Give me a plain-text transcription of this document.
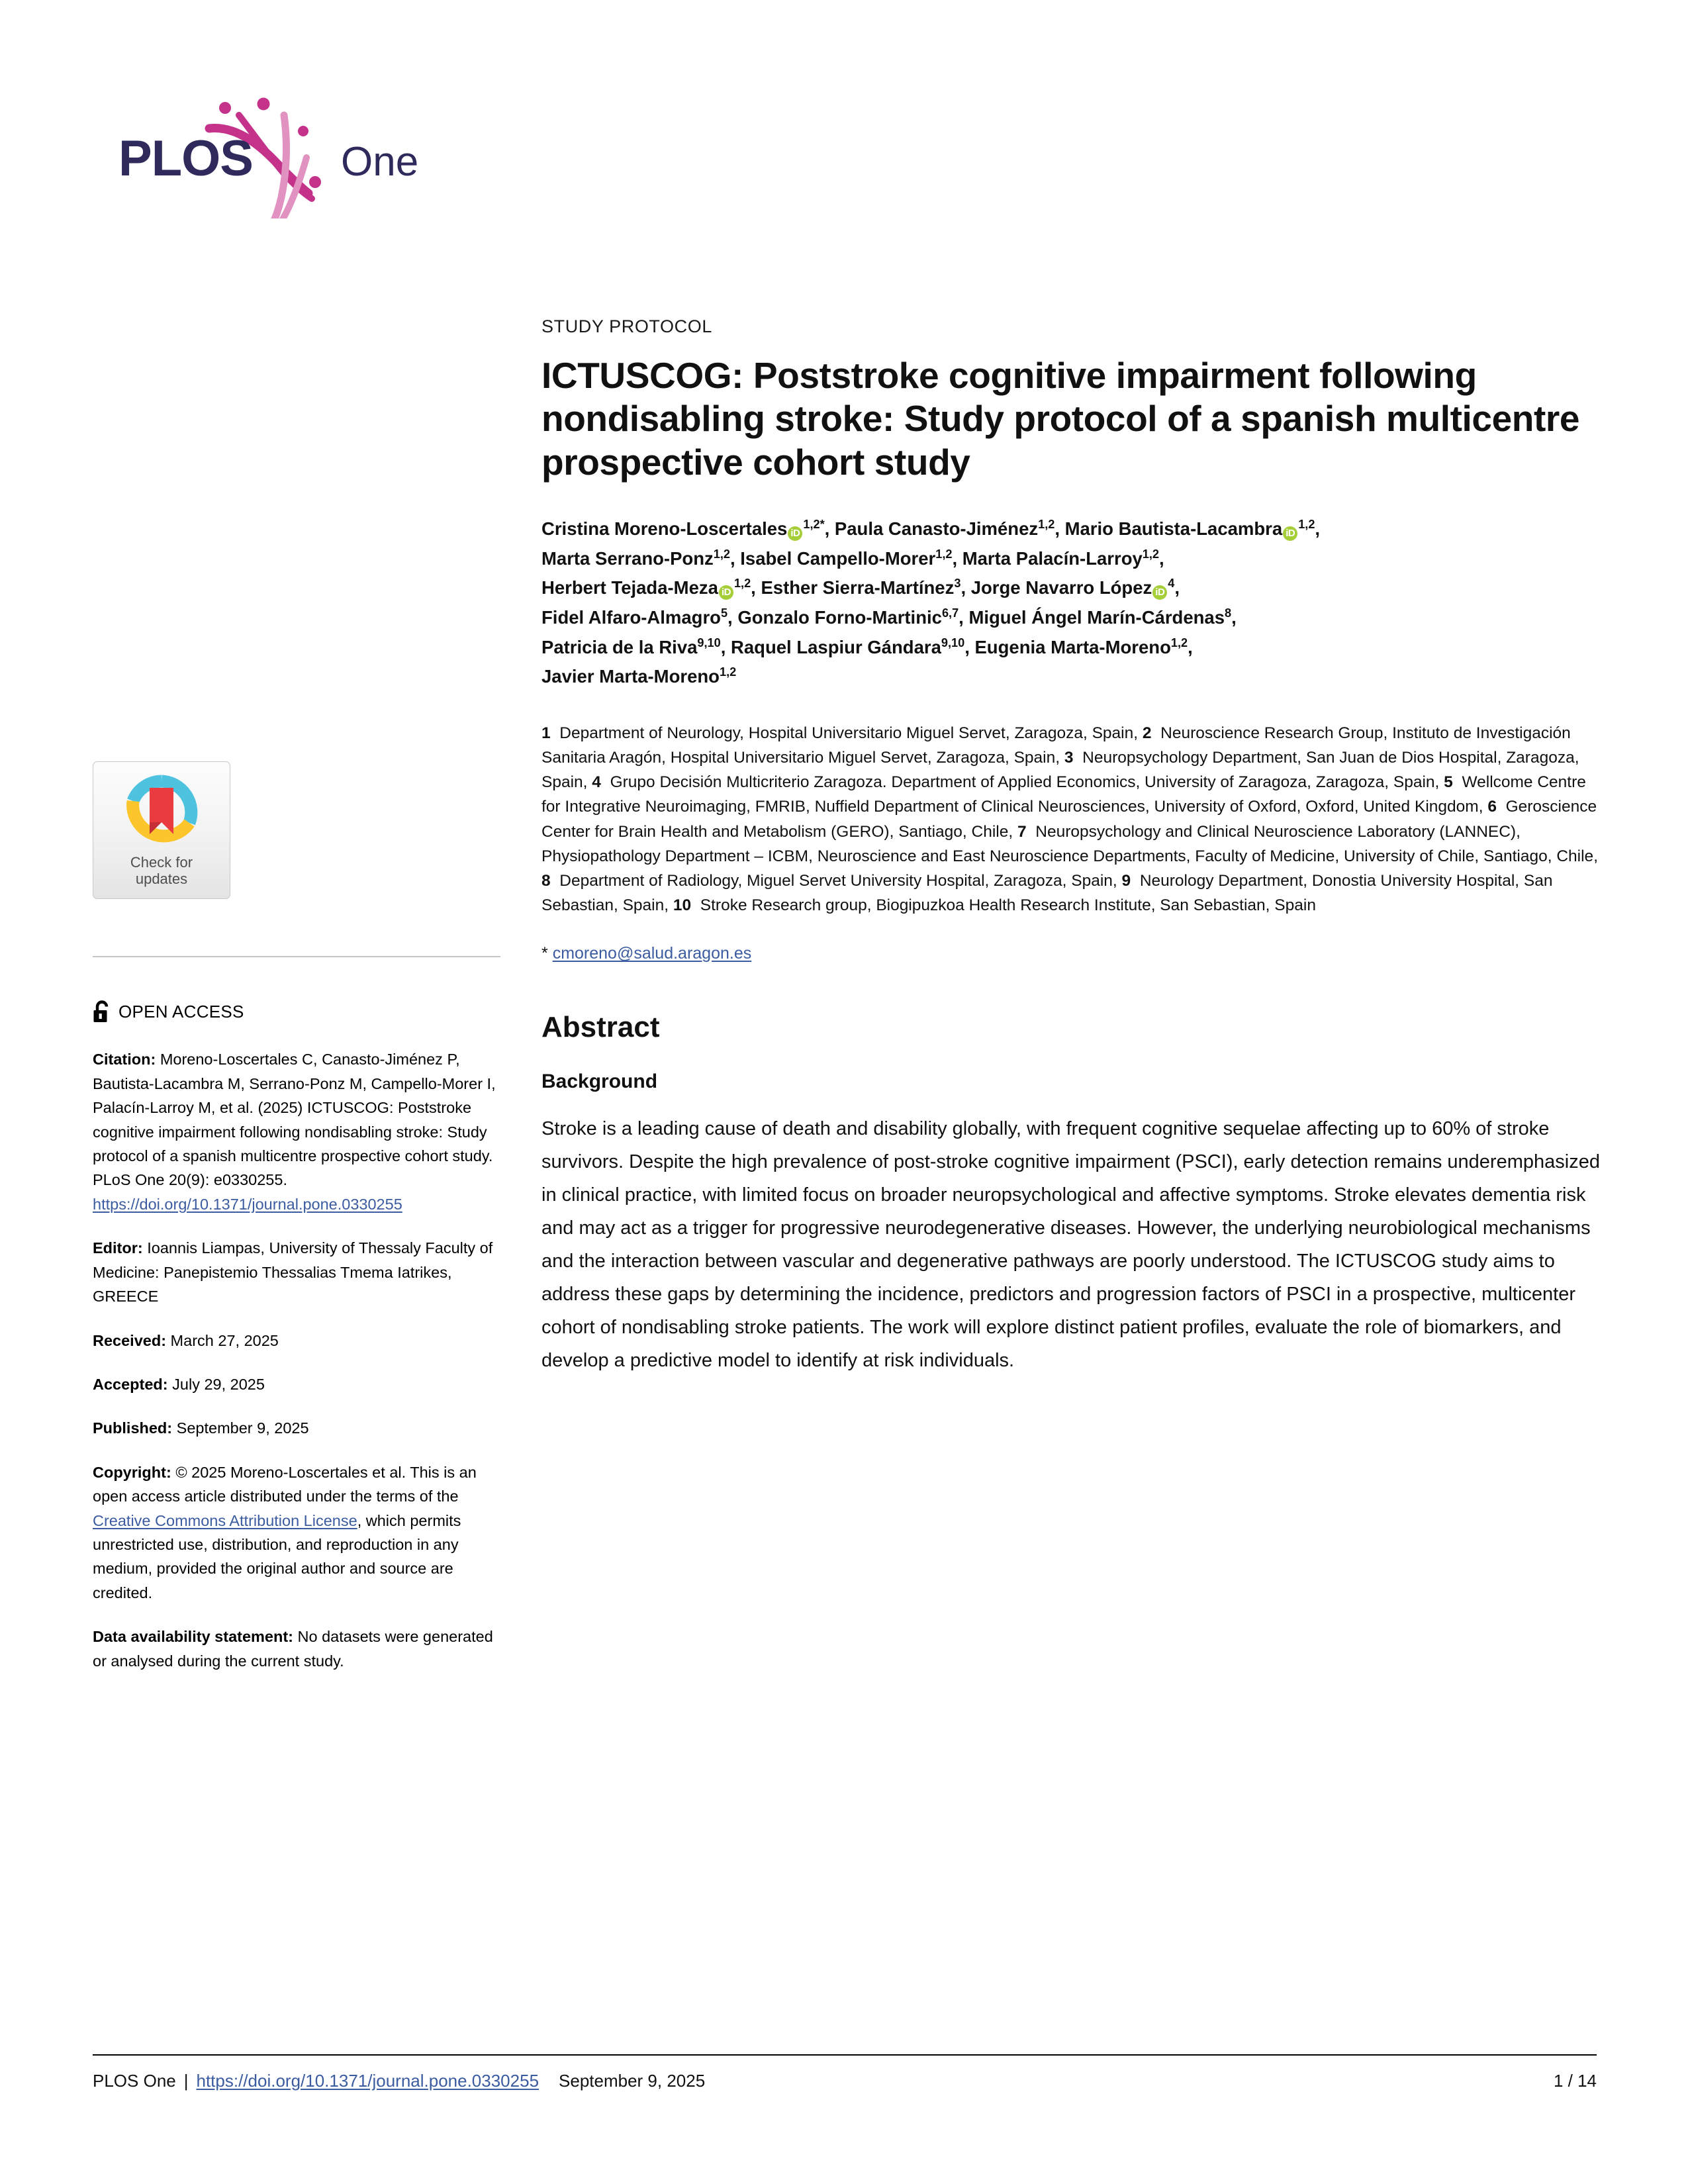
PLOS One
Check for
updates
OPEN ACCESS
Citation: Moreno-Loscertales C, Canasto-Jiménez P, Bautista-Lacambra M, Serrano-Ponz M, Campello-Morer I, Palacín-Larroy M, et al. (2025) ICTUSCOG: Poststroke cognitive impairment following nondisabling stroke: Study protocol of a spanish multicentre prospective cohort study. PLoS One 20(9): e0330255. https://doi.org/10.1371/journal.pone.0330255
Editor: Ioannis Liampas, University of Thessaly Faculty of Medicine: Panepistemio Thessalias Tmema Iatrikes, GREECE
Received: March 27, 2025
Accepted: July 29, 2025
Published: September 9, 2025
Copyright: © 2025 Moreno-Loscertales et al. This is an open access article distributed under the terms of the Creative Commons Attribution License, which permits unrestricted use, distribution, and reproduction in any medium, provided the original author and source are credited.
Data availability statement: No datasets were generated or analysed during the current study.
STUDY PROTOCOL
ICTUSCOG: Poststroke cognitive impairment following nondisabling stroke: Study protocol of a spanish multicentre prospective cohort study
Cristina Moreno-Loscertales $iD^{1,2*}$, Paula Canasto-Jiménez$^{1,2}$, Mario Bautista-Lacambra iD$^{1,2}$,
Marta Serrano-Ponz$^{1,2}$, Isabel Campello-Morer$^{1,2}$, Marta Palacín-Larroy$^{1,2}$,
Herbert Tejada-Meza iD$^{1,2}$, Esther Sierra-Martínez$^3$, Jorge Navarro López $iD^4$,
Fidel Alfaro-Almagro$^5$, Gonzalo Forno-Martinic$^{6,7}$, Miguel Ángel Marín-Cárdenas$^8$,
Patricia de la Riva$^{9,10}$, Raquel Laspiur Gándara$^{9,10}$, Eugenia Marta-Moreno$^{1,2}$,
Javier Marta-Moreno$^{1,2}$
1 Department of Neurology, Hospital Universitario Miguel Servet, Zaragoza, Spain, 2 Neuroscience Research Group, Instituto de Investigación Sanitaria Aragón, Hospital Universitario Miguel Servet, Zaragoza, Spain, 3 Neuropsychology Department, San Juan de Dios Hospital, Zaragoza, Spain, 4 Grupo Decisión Multicriterio Zaragoza. Department of Applied Economics, University of Zaragoza, Zaragoza, Spain, 5 Wellcome Centre for Integrative Neuroimaging, FMRIB, Nuffield Department of Clinical Neurosciences, University of Oxford, Oxford, United Kingdom, 6 Geroscience Center for Brain Health and Metabolism (GERO), Santiago, Chile, 7 Neuropsychology and Clinical Neuroscience Laboratory (LANNEC), Physiopathology Department – ICBM, Neuroscience and East Neuroscience Departments, Faculty of Medicine, University of Chile, Santiago, Chile, 8 Department of Radiology, Miguel Servet University Hospital, Zaragoza, Spain, 9 Neurology Department, Donostia University Hospital, San Sebastian, Spain, 10 Stroke Research group, Biogipuzkoa Health Research Institute, San Sebastian, Spain
* cmoreno@salud.aragon.es
Abstract
Background

Stroke is a leading cause of death and disability globally, with frequent cognitive sequelae affecting up to 60% of stroke survivors. Despite the high prevalence of post-stroke cognitive impairment (PSCI), early detection remains underemphasized in clinical practice, with limited focus on broader neuropsychological and affective symptoms. Stroke elevates dementia risk and may act as a trigger for progressive neurodegenerative diseases. However, the underlying neurobiological mechanisms and the interaction between vascular and degenerative pathways are poorly understood. The ICTUSCOG study aims to address these gaps by determining the incidence, predictors and progression factors of PSCI in a prospective, multicenter cohort of nondisabling stroke patients. The work will explore distinct patient profiles, evaluate the role of biomarkers, and develop a predictive model to identify at risk individuals.

PLOS One | https://doi.org/10.1371/journal.pone.0330255 September 9, 2025	1 / 14
